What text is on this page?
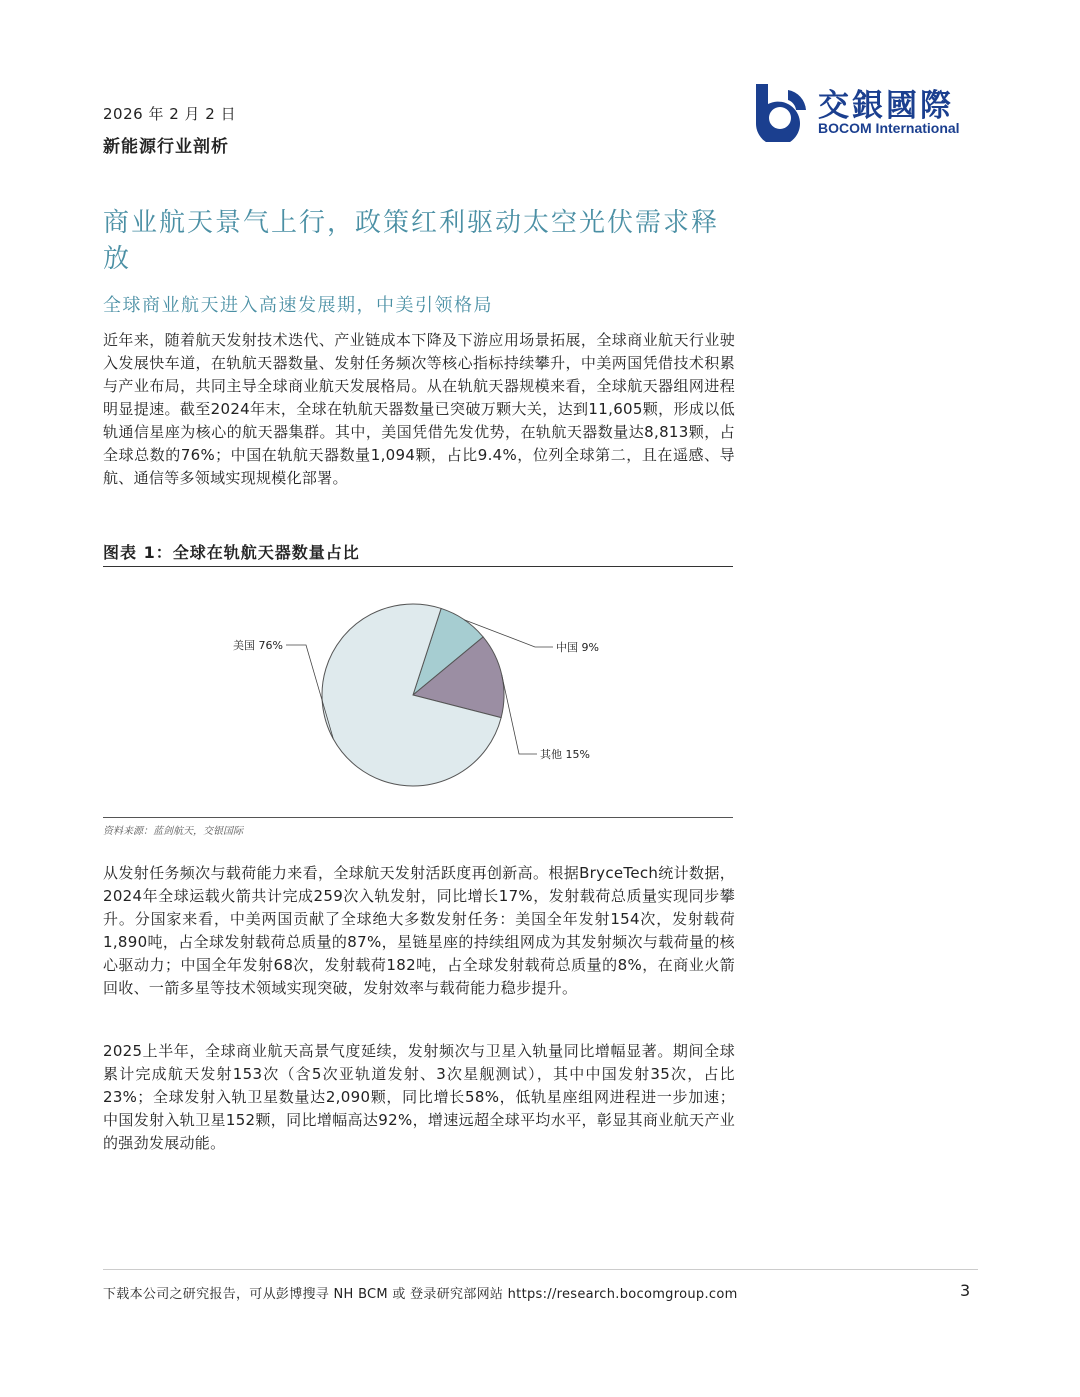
2026 年 2 月 2 日
新能源行业剖析
交銀國際
BOCOM International
商业航天景气上行，政策红利驱动太空光伏需求释放
全球商业航天进入高速发展期，中美引领格局
近年来，随着航天发射技术迭代、产业链成本下降及下游应用场景拓展，全球商业航天行业驶入发展快车道，在轨航天器数量、发射任务频次等核心指标持续攀升，中美两国凭借技术积累与产业布局，共同主导全球商业航天发展格局。从在轨航天器规模来看，全球航天器组网进程明显提速。截至2024年末，全球在轨航天器数量已突破万颗大关，达到11,605颗，形成以低轨通信星座为核心的航天器集群。其中，美国凭借先发优势，在轨航天器数量达8,813颗，占全球总数的76%；中国在轨航天器数量1,094颗，占比9.4%，位列全球第二，且在遥感、导航、通信等多领域实现规模化部署。
图表 1：全球在轨航天器数量占比
美国 76%	中国 9%
其他 15%
资料来源：蓝剑航天，交银国际
从发射任务频次与载荷能力来看，全球航天发射活跃度再创新高。根据BryceTech统计数据，2024年全球运载火箭共计完成259次入轨发射，同比增长17%，发射载荷总质量实现同步攀升。分国家来看，中美两国贡献了全球绝大多数发射任务：美国全年发射154次，发射载荷1,890吨，占全球发射载荷总质量的87%，星链星座的持续组网成为其发射频次与载荷量的核心驱动力；中国全年发射68次，发射载荷182吨，占全球发射载荷总质量的8%，在商业火箭回收、一箭多星等技术领域实现突破，发射效率与载荷能力稳步提升。
2025上半年，全球商业航天高景气度延续，发射频次与卫星入轨量同比增幅显著。期间全球累计完成航天发射153次（含5次亚轨道发射、3次星舰测试），其中中国发射35次，占比23%；全球发射入轨卫星数量达2,090颗，同比增长58%，低轨星座组网进程进一步加速；中国发射入轨卫星152颗，同比增幅高达92%，增速远超全球平均水平，彰显其商业航天产业的强劲发展动能。
下载本公司之研究报告，可从彭博搜寻 NH BCM 或 登录研究部网站 https://research.bocomgroup.com	3
